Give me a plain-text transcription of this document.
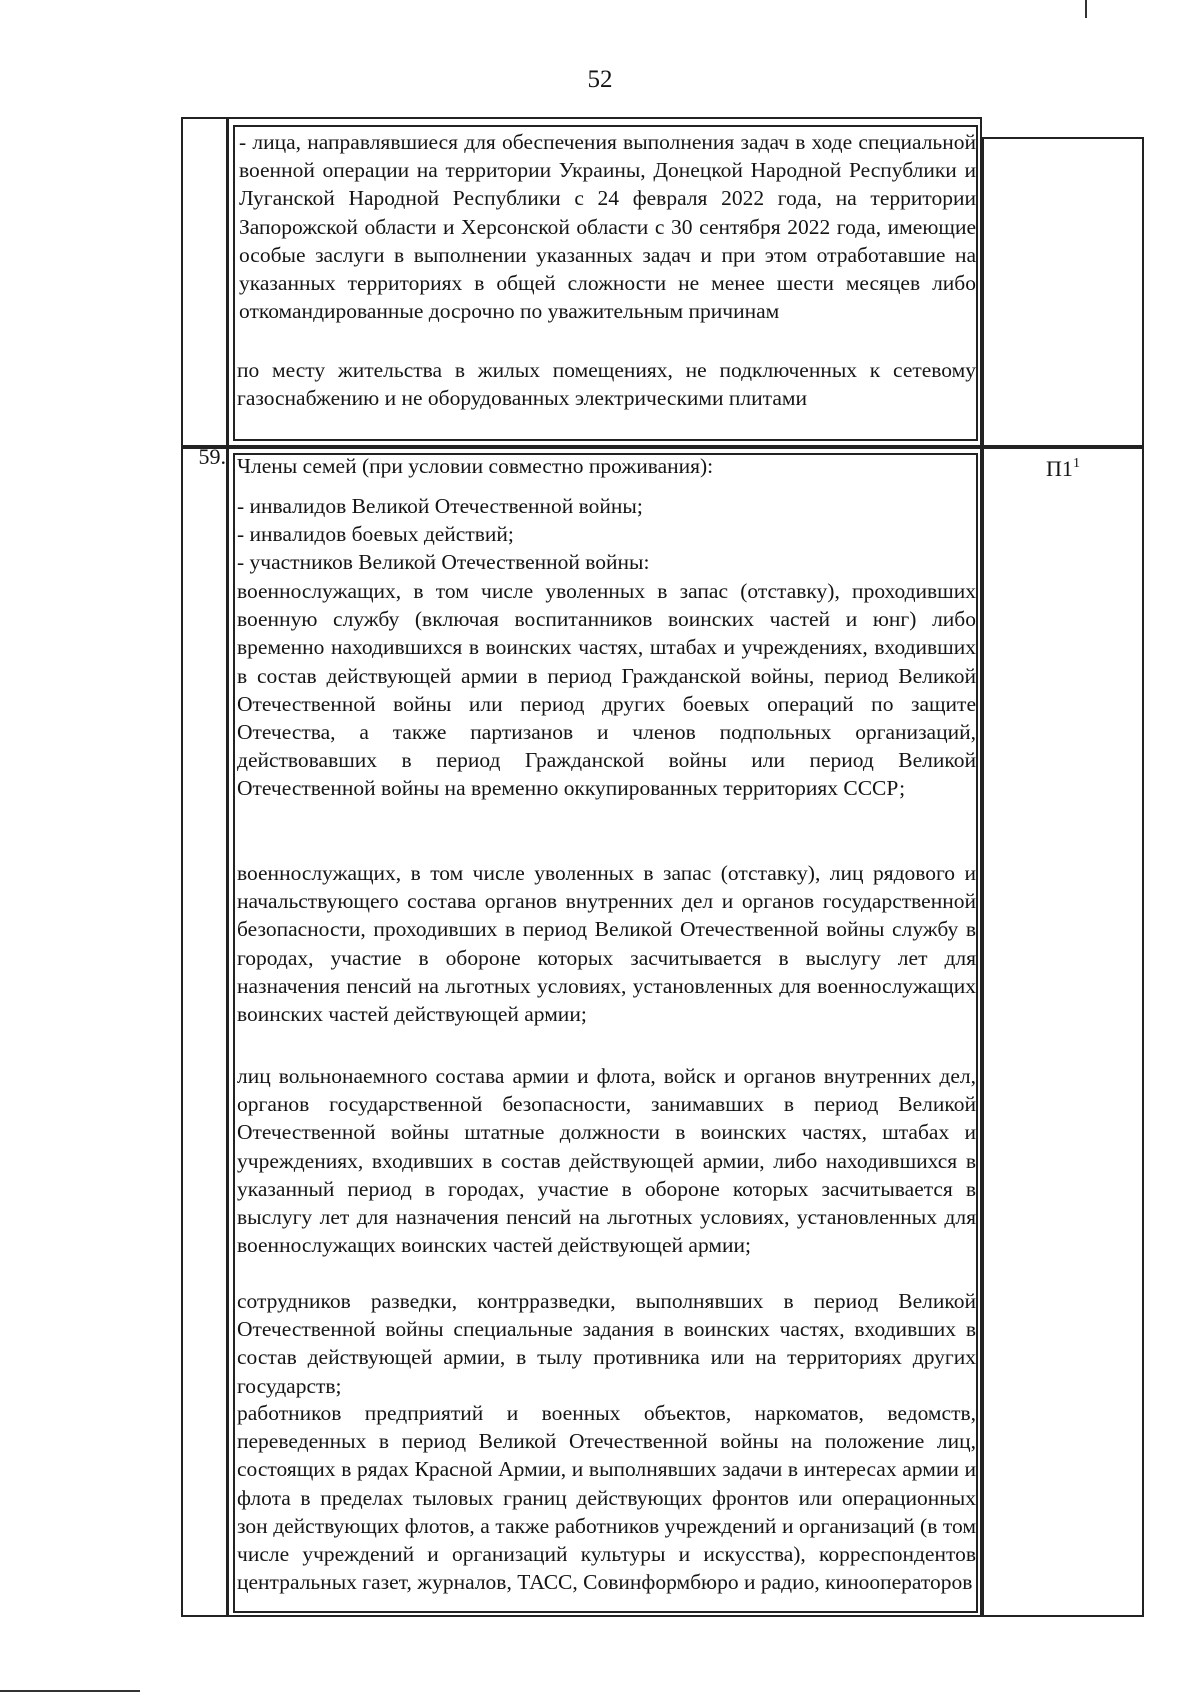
52
- лица, направлявшиеся для обеспечения выполнения задач в ходе специальной военной операции на территории Украины, Донецкой Народной Республики и Луганской Народной Республики с 24 февраля 2022 года, на территории Запорожской области и Херсонской области с 30 сентября 2022 года, имеющие особые заслуги в выполнении указанных задач и при этом отработавшие на указанных территориях в общей сложности не менее шести месяцев либо откомандированные досрочно по уважительным причинам
по месту жительства в жилых помещениях, не подключенных к сетевому газоснабжению и не оборудованных электрическими плитами
59. Члены семей (при условии совместно проживания):
- инвалидов Великой Отечественной войны;
- инвалидов боевых действий;
- участников Великой Отечественной войны:
военнослужащих, в том числе уволенных в запас (отставку), проходивших военную службу (включая воспитанников воинских частей и юнг) либо временно находившихся в воинских частях, штабах и учреждениях, входивших в состав действующей армии в период Гражданской войны, период Великой Отечественной войны или период других боевых операций по защите Отечества, а также партизанов и членов подпольных организаций, действовавших в период Гражданской войны или период Великой Отечественной войны на временно оккупированных территориях СССР;
военнослужащих, в том числе уволенных в запас (отставку), лиц рядового и начальствующего состава органов внутренних дел и органов государственной безопасности, проходивших в период Великой Отечественной войны службу в городах, участие в обороне которых засчитывается в выслугу лет для назначения пенсий на льготных условиях, установленных для военнослужащих воинских частей действующей армии;
лиц вольнонаемного состава армии и флота, войск и органов внутренних дел, органов государственной безопасности, занимавших в период Великой Отечественной войны штатные должности в воинских частях, штабах и учреждениях, входивших в состав действующей армии, либо находившихся в указанный период в городах, участие в обороне которых засчитывается в выслугу лет для назначения пенсий на льготных условиях, установленных для военнослужащих воинских частей действующей армии;
сотрудников разведки, контрразведки, выполнявших в период Великой Отечественной войны специальные задания в воинских частях, входивших в состав действующей армии, в тылу противника или на территориях других государств;
работников предприятий и военных объектов, наркоматов, ведомств, переведенных в период Великой Отечественной войны на положение лиц, состоящих в рядах Красной Армии, и выполнявших задачи в интересах армии и флота в пределах тыловых границ действующих фронтов или операционных зон действующих флотов, а также работников учреждений и организаций (в том числе учреждений и организаций культуры и искусства), корреспондентов центральных газет, журналов, ТАСС, Совинформбюро и радио, кинооператоров
$П1^1$
